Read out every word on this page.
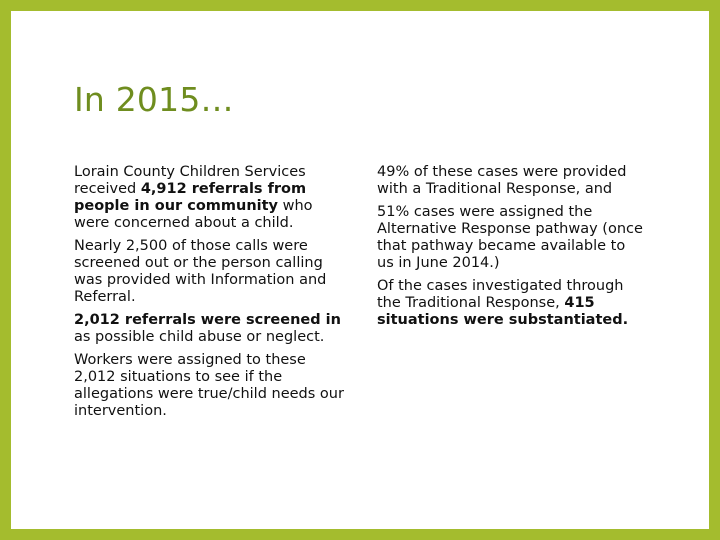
In 2015…

Lorain County Children Services received 4,912 referrals from people in our community who were concerned about a child.

Nearly 2,500 of those calls were screened out or the person calling was provided with Information and Referral.

2,012 referrals were screened in as possible child abuse or neglect.

Workers were assigned to these 2,012 situations to see if the allegations were true/child needs our intervention.

49% of these cases were provided with a Traditional Response, and

51% cases were assigned the Alternative Response pathway (once that pathway became available to us in June 2014.)

Of the cases investigated through the Traditional Response, 415 situations were substantiated.
